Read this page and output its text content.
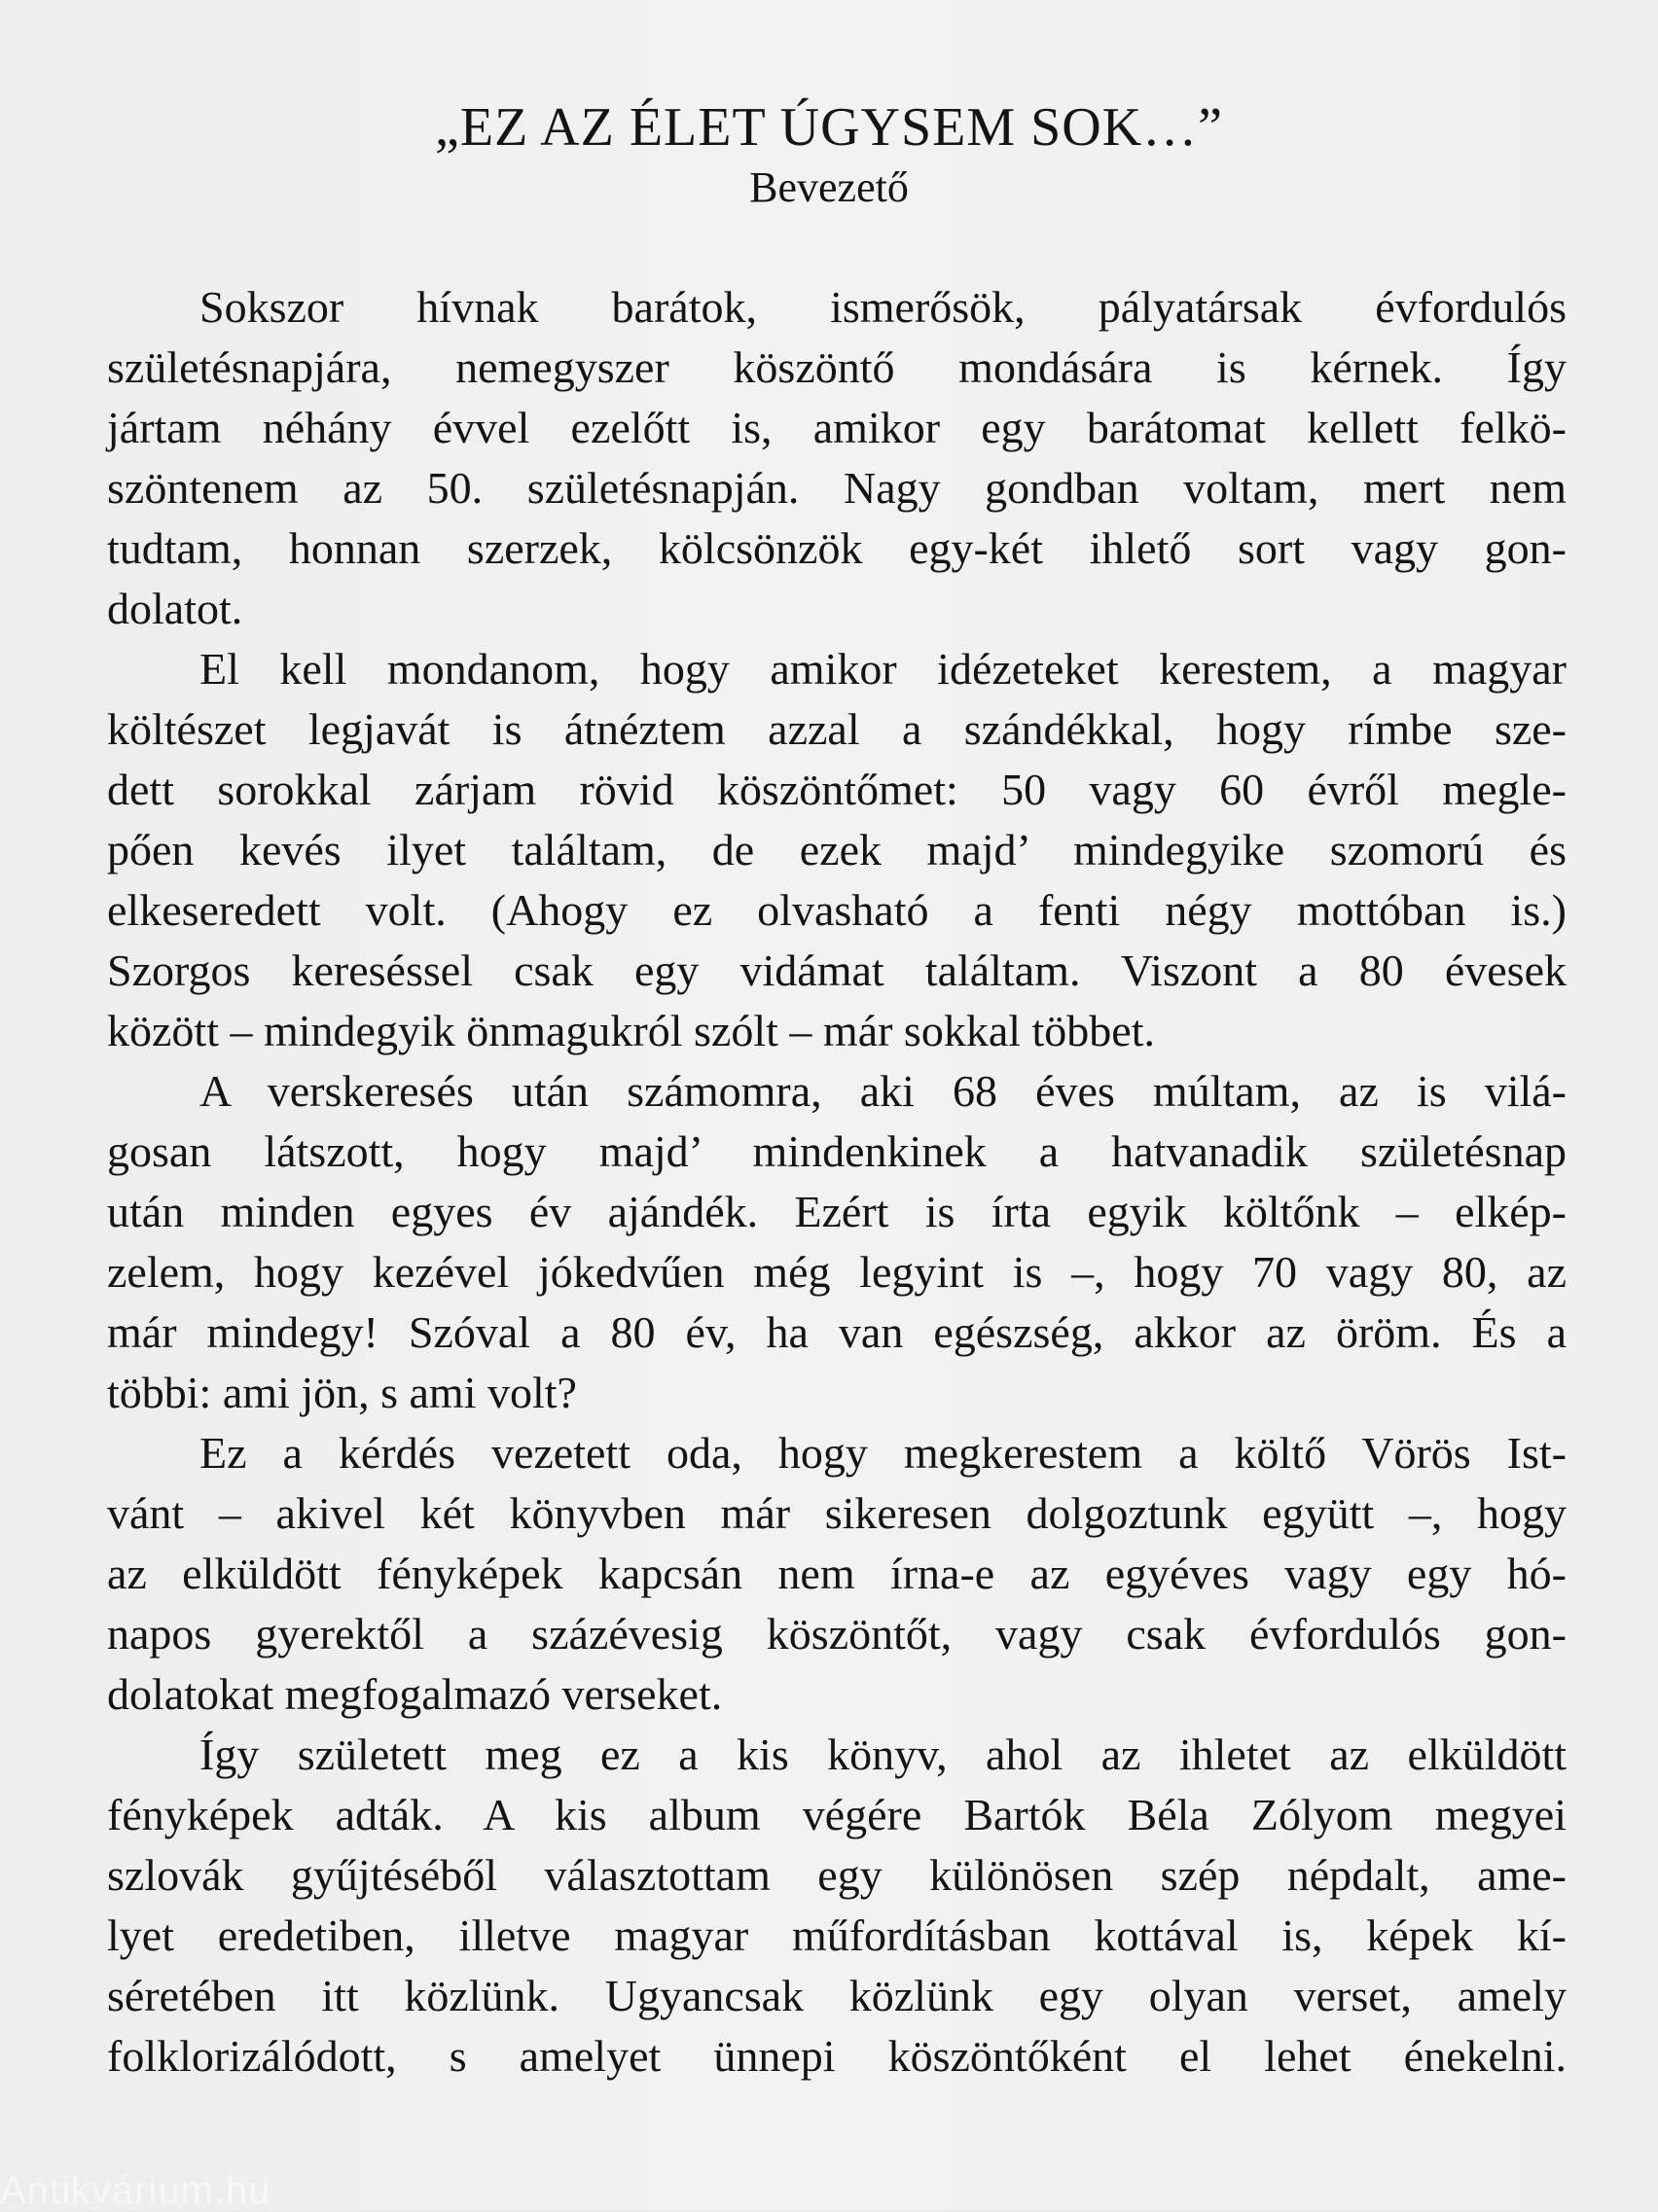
„EZ AZ ÉLET ÚGYSEM SOK…”
Bevezető
Sokszor hívnak barátok, ismerősök, pályatársak évfordulós
születésnapjára, nemegyszer köszöntő mondására is kérnek. Így
jártam néhány évvel ezelőtt is, amikor egy barátomat kellett felkö-
szöntenem az 50. születésnapján. Nagy gondban voltam, mert nem
tudtam, honnan szerzek, kölcsönzök egy-két ihlető sort vagy gon-
dolatot.
El kell mondanom, hogy amikor idézeteket kerestem, a magyar
költészet legjavát is átnéztem azzal a szándékkal, hogy rímbe sze-
dett sorokkal zárjam rövid köszöntőmet: 50 vagy 60 évről megle-
pően kevés ilyet találtam, de ezek majd’ mindegyike szomorú és
elkeseredett volt. (Ahogy ez olvasható a fenti négy mottóban is.)
Szorgos kereséssel csak egy vidámat találtam. Viszont a 80 évesek
között – mindegyik önmagukról szólt – már sokkal többet.
A verskeresés után számomra, aki 68 éves múltam, az is vilá-
gosan látszott, hogy majd’ mindenkinek a hatvanadik születésnap
után minden egyes év ajándék. Ezért is írta egyik költőnk – elkép-
zelem, hogy kezével jókedvűen még legyint is –, hogy 70 vagy 80, az
már mindegy! Szóval a 80 év, ha van egészség, akkor az öröm. És a
többi: ami jön, s ami volt?
Ez a kérdés vezetett oda, hogy megkerestem a költő Vörös Ist-
vánt – akivel két könyvben már sikeresen dolgoztunk együtt –, hogy
az elküldött fényképek kapcsán nem írna-e az egyéves vagy egy hó-
napos gyerektől a százévesig köszöntőt, vagy csak évfordulós gon-
dolatokat megfogalmazó verseket.
Így született meg ez a kis könyv, ahol az ihletet az elküldött
fényképek adták. A kis album végére Bartók Béla Zólyom megyei
szlovák gyűjtéséből választottam egy különösen szép népdalt, ame-
lyet eredetiben, illetve magyar műfordításban kottával is, képek kí-
séretében itt közlünk. Ugyancsak közlünk egy olyan verset, amely
folklorizálódott, s amelyet ünnepi köszöntőként el lehet énekelni.
Antikvárium.hu
